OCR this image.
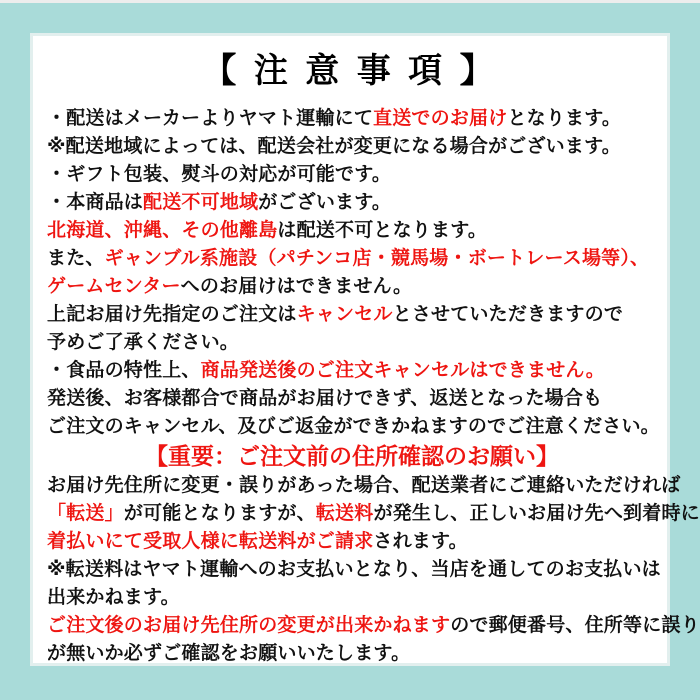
【 注 意 事 項 】
・配送はメーカーよりヤマト運輸にて直送でのお届けとなります。
※配送地域によっては、配送会社が変更になる場合がございます。
・ギフト包装、熨斗の対応が可能です。
・本商品は配送不可地域がございます。
北海道、沖縄、その他離島は配送不可となります。
また、ギャンブル系施設（パチンコ店・競馬場・ボートレース場等）、
ゲームセンターへのお届けはできません。
上記お届け先指定のご注文はキャンセルとさせていただきますので
予めご了承ください。
・食品の特性上、商品発送後のご注文キャンセルはできません。
発送後、お客様都合で商品がお届けできず、返送となった場合も
ご注文のキャンセル、及びご返金ができかねますのでご注意ください。
【重要：ご注文前の住所確認のお願い】
お届け先住所に変更・誤りがあった場合、配送業者にご連絡いただければ
「転送」が可能となりますが、転送料が発生し、正しいお届け先へ到着時に
着払いにて受取人様に転送料がご請求されます。
※転送料はヤマト運輸へのお支払いとなり、当店を通してのお支払いは
出来かねます。
ご注文後のお届け先住所の変更が出来かねますので郵便番号、住所等に誤り
が無いか必ずご確認をお願いいたします。
